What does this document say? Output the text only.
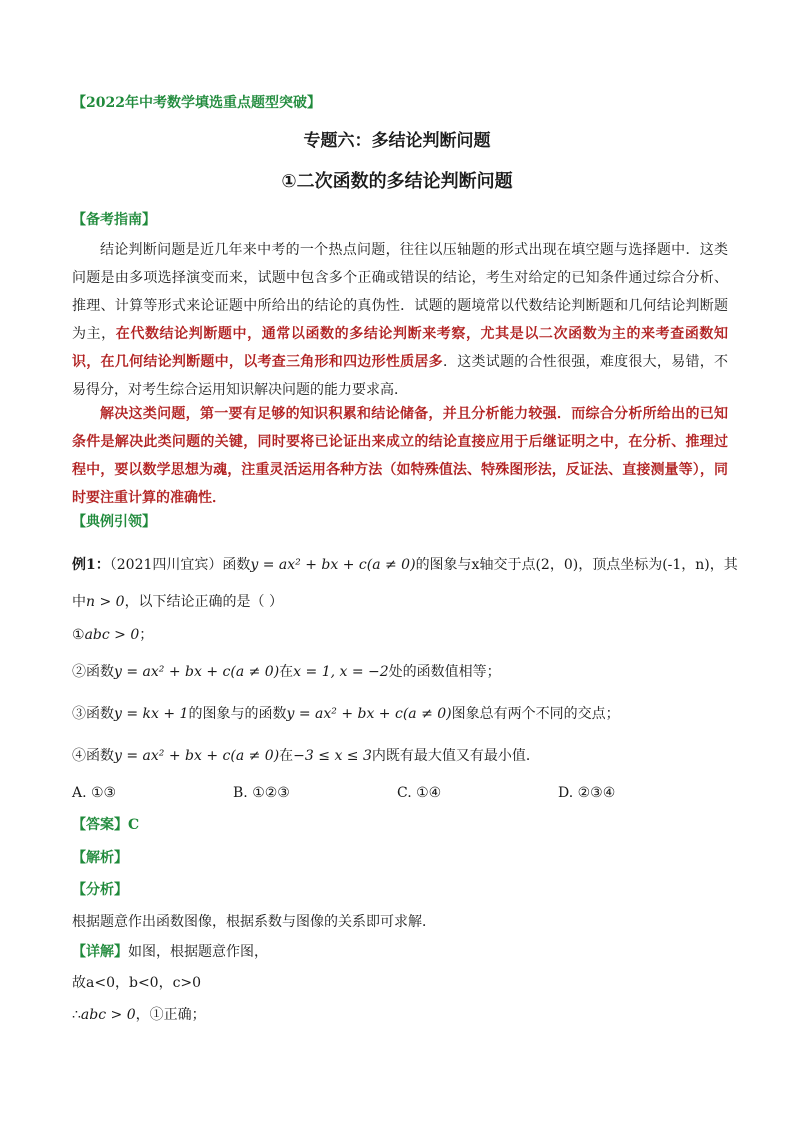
【2022年中考数学填选重点题型突破】
专题六：多结论判断问题
①二次函数的多结论判断问题
【备考指南】
结论判断问题是近几年来中考的一个热点问题，往往以压轴题的形式出现在填空题与选择题中．这类问题是由多项选择演变而来，试题中包含多个正确或错误的结论，考生对给定的已知条件通过综合分析、推理、计算等形式来论证题中所给出的结论的真伪性．试题的题境常以代数结论判断题和几何结论判断题为主，在代数结论判断题中，通常以函数的多结论判断来考察，尤其是以二次函数为主的来考查函数知识，在几何结论判断题中，以考查三角形和四边形性质居多．这类试题的合性很强，难度很大，易错，不易得分，对考生综合运用知识解决问题的能力要求高．
解决这类问题，第一要有足够的知识积累和结论储备，并且分析能力较强．而综合分析所给出的已知条件是解决此类问题的关键，同时要将已论证出来成立的结论直接应用于后继证明之中，在分析、推理过程中，要以数学思想为魂，注重灵活运用各种方法（如特殊值法、特殊图形法，反证法、直接测量等），同时要注重计算的准确性．
【典例引领】
例1：（2021四川宜宾）函数y = ax² + bx + c(a ≠ 0)的图象与x轴交于点(2，0)，顶点坐标为(-1，n)，其
中n > 0，以下结论正确的是（ ）
①abc > 0；
②函数y = ax² + bx + c(a ≠ 0)在x = 1, x = −2处的函数值相等；
③函数y = kx + 1的图象与的函数y = ax² + bx + c(a ≠ 0)图象总有两个不同的交点；
④函数y = ax² + bx + c(a ≠ 0)在−3 ≤ x ≤ 3内既有最大值又有最小值．
A. ①③	B. ①②③	C. ①④	D. ②③④
【答案】C
【解析】
【分析】
根据题意作出函数图像，根据系数与图像的关系即可求解．
【详解】如图，根据题意作图，
故a<0，b<0，c>0
∴abc > 0，①正确；
